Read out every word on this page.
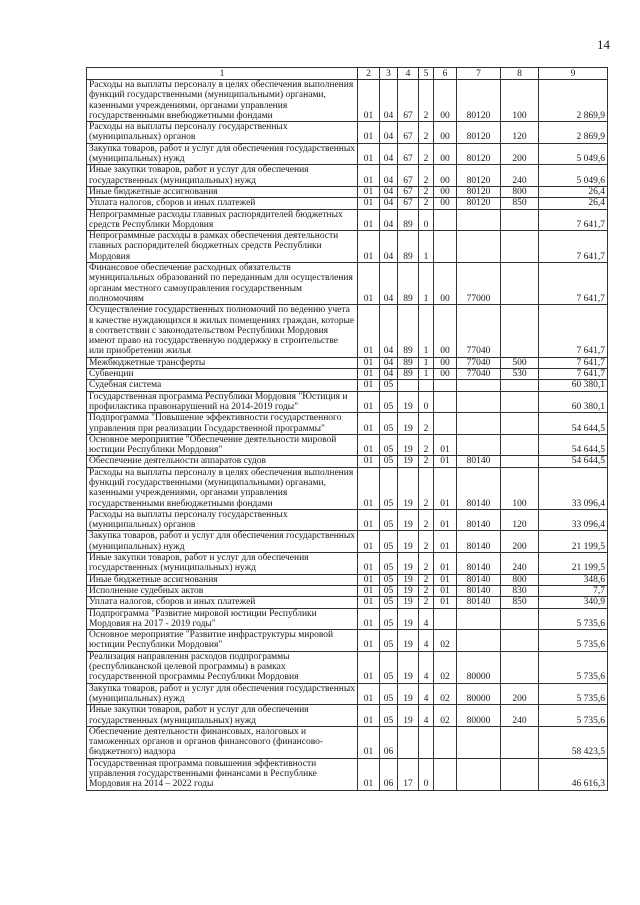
14
1	2	3	4	5	6	7	8	9
Расходы на выплаты персоналу в целях обеспечения выполнения функций государственными (муниципальными) органами, казенными учреждениями, органами управления государственными внебюджетными фондами	01	04	67	2	00	80120	100	2 869,9
Расходы на выплаты персоналу государственных (муниципальных) органов	01	04	67	2	00	80120	120	2 869,9
Закупка товаров, работ и услуг для обеспечения государственных (муниципальных) нужд	01	04	67	2	00	80120	200	5 049,6
Иные закупки товаров, работ и услуг для обеспечения государственных (муниципальных) нужд	01	04	67	2	00	80120	240	5 049,6
Иные бюджетные ассигнования	01	04	67	2	00	80120	800	26,4
Уплата налогов, сборов и иных платежей	01	04	67	2	00	80120	850	26,4
Непрограммные расходы главных распорядителей бюджетных средств Республики Мордовия	01	04	89	0				7 641,7
Непрограммные расходы в рамках обеспечения деятельности главных распорядителей бюджетных средств Республики Мордовия	01	04	89	1				7 641,7
Финансовое обеспечение расходных обязательств муниципальных образований по переданным для осуществления органам местного самоуправления государственным полномочиям	01	04	89	1	00	77000		7 641,7
Осуществление государственных полномочий по ведению учета в качестве нуждающихся в жилых помещениях граждан, которые в соответствии с законодательством Республики Мордовия имеют право на государственную поддержку в строительстве или приобретении жилья	01	04	89	1	00	77040		7 641,7
Межбюджетные трансферты	01	04	89	1	00	77040	500	7 641,7
Субвенции	01	04	89	1	00	77040	530	7 641,7
Судебная система	01	05						60 380,1
Государственная программа Республики Мордовия "Юстиция и профилактика правонарушений на 2014-2019 годы"	01	05	19	0				60 380,1
Подпрограмма "Повышение эффективности государственного управления при реализации Государственной программы"	01	05	19	2				54 644,5
Основное мероприятие "Обеспечение деятельности мировой юстиции Республики Мордовия"	01	05	19	2	01			54 644,5
Обеспечение деятельности аппаратов судов	01	05	19	2	01	80140		54 644,5
Расходы на выплаты персоналу в целях обеспечения выполнения функций государственными (муниципальными) органами, казенными учреждениями, органами управления государственными внебюджетными фондами	01	05	19	2	01	80140	100	33 096,4
Расходы на выплаты персоналу государственных (муниципальных) органов	01	05	19	2	01	80140	120	33 096,4
Закупка товаров, работ и услуг для обеспечения государственных (муниципальных) нужд	01	05	19	2	01	80140	200	21 199,5
Иные закупки товаров, работ и услуг для обеспечения государственных (муниципальных) нужд	01	05	19	2	01	80140	240	21 199,5
Иные бюджетные ассигнования	01	05	19	2	01	80140	800	348,6
Исполнение судебных актов	01	05	19	2	01	80140	830	7,7
Уплата налогов, сборов и иных платежей	01	05	19	2	01	80140	850	340,9
Подпрограмма "Развитие мировой юстиции Республики Мордовия на 2017 - 2019 годы"	01	05	19	4				5 735,6
Основное мероприятие "Развитие инфраструктуры мировой юстиции Республики Мордовия"	01	05	19	4	02			5 735,6
Реализация направления расходов подпрограммы (республиканской целевой программы) в рамках государственной программы Республики Мордовия	01	05	19	4	02	80000		5 735,6
Закупка товаров, работ и услуг для обеспечения государственных (муниципальных) нужд	01	05	19	4	02	80000	200	5 735,6
Иные закупки товаров, работ и услуг для обеспечения государственных (муниципальных) нужд	01	05	19	4	02	80000	240	5 735,6
Обеспечение деятельности финансовых, налоговых и таможенных органов и органов финансового (финансово-бюджетного) надзора	01	06						58 423,5
Государственная программа повышения эффективности управления государственными финансами в Республике Мордовия на 2014 – 2022 годы	01	06	17	0				46 616,3
